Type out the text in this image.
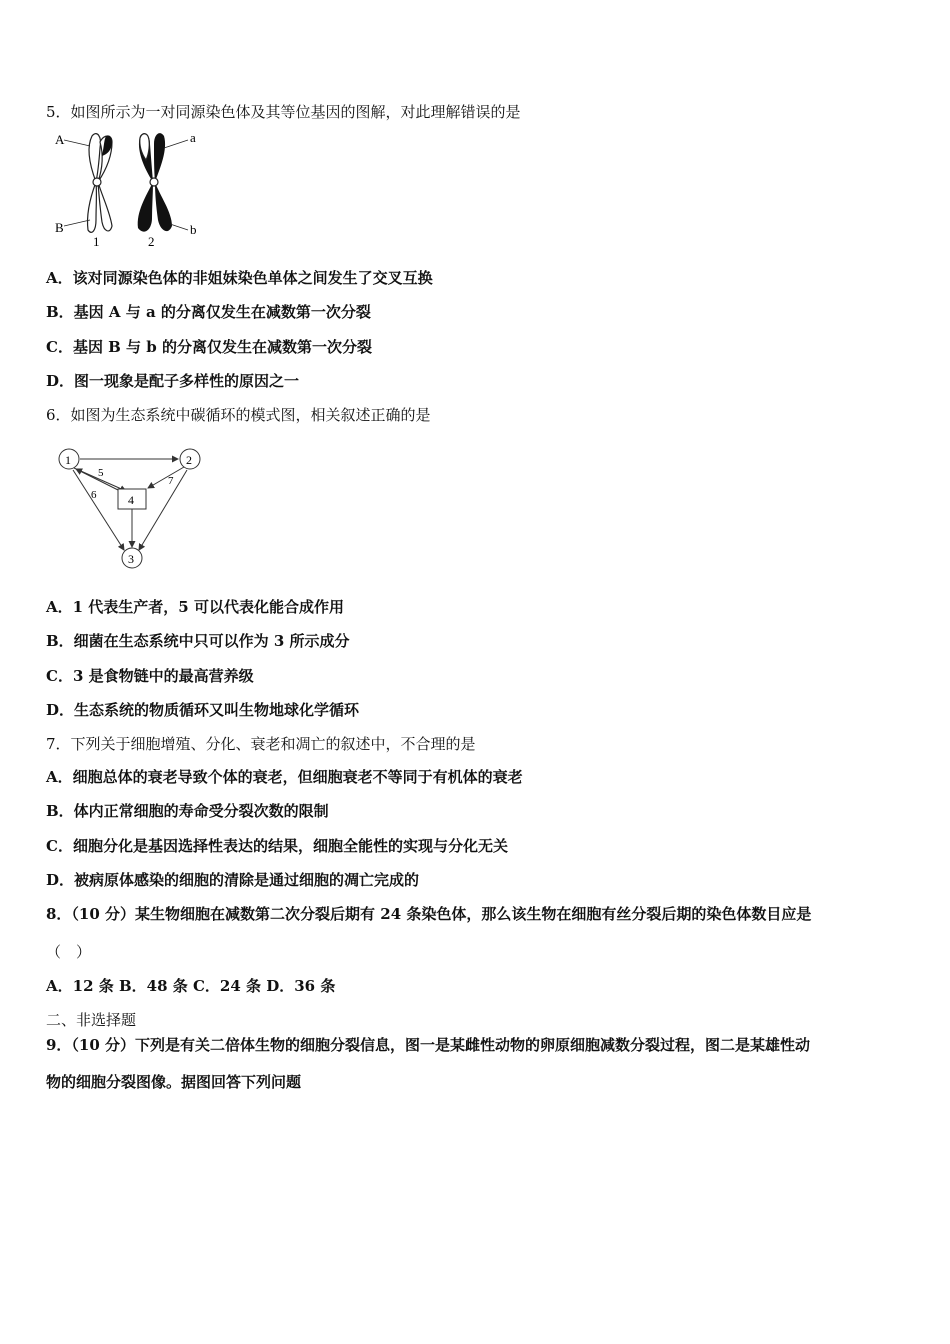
5．如图所示为一对同源染色体及其等位基因的图解，对此理解错误的是
A
B
a
b
1	2
A．该对同源染色体的非姐妹染色单体之间发生了交叉互换
B．基因 A 与 a 的分离仅发生在减数第一次分裂
C．基因 B 与 b 的分离仅发生在减数第一次分裂
D．图一现象是配子多样性的原因之一
6．如图为生态系统中碳循环的模式图，相关叙述正确的是
1	2
3
4
5
6
7
A．1 代表生产者，5 可以代表化能合成作用
B．细菌在生态系统中只可以作为 3 所示成分
C．3 是食物链中的最高营养级
D．生态系统的物质循环又叫生物地球化学循环
7．下列关于细胞增殖、分化、衰老和凋亡的叙述中，不合理的是
A．细胞总体的衰老导致个体的衰老，但细胞衰老不等同于有机体的衰老
B．体内正常细胞的寿命受分裂次数的限制
C．细胞分化是基因选择性表达的结果，细胞全能性的实现与分化无关
D．被病原体感染的细胞的清除是通过细胞的凋亡完成的
8．（10 分）某生物细胞在减数第二次分裂后期有 24 条染色体，那么该生物在细胞有丝分裂后期的染色体数目应是
（　）
A．12 条 B．48 条 C．24 条 D．36 条
二、非选择题
9．（10 分）下列是有关二倍体生物的细胞分裂信息，图一是某雌性动物的卵原细胞减数分裂过程，图二是某雄性动
物的细胞分裂图像。据图回答下列问题
